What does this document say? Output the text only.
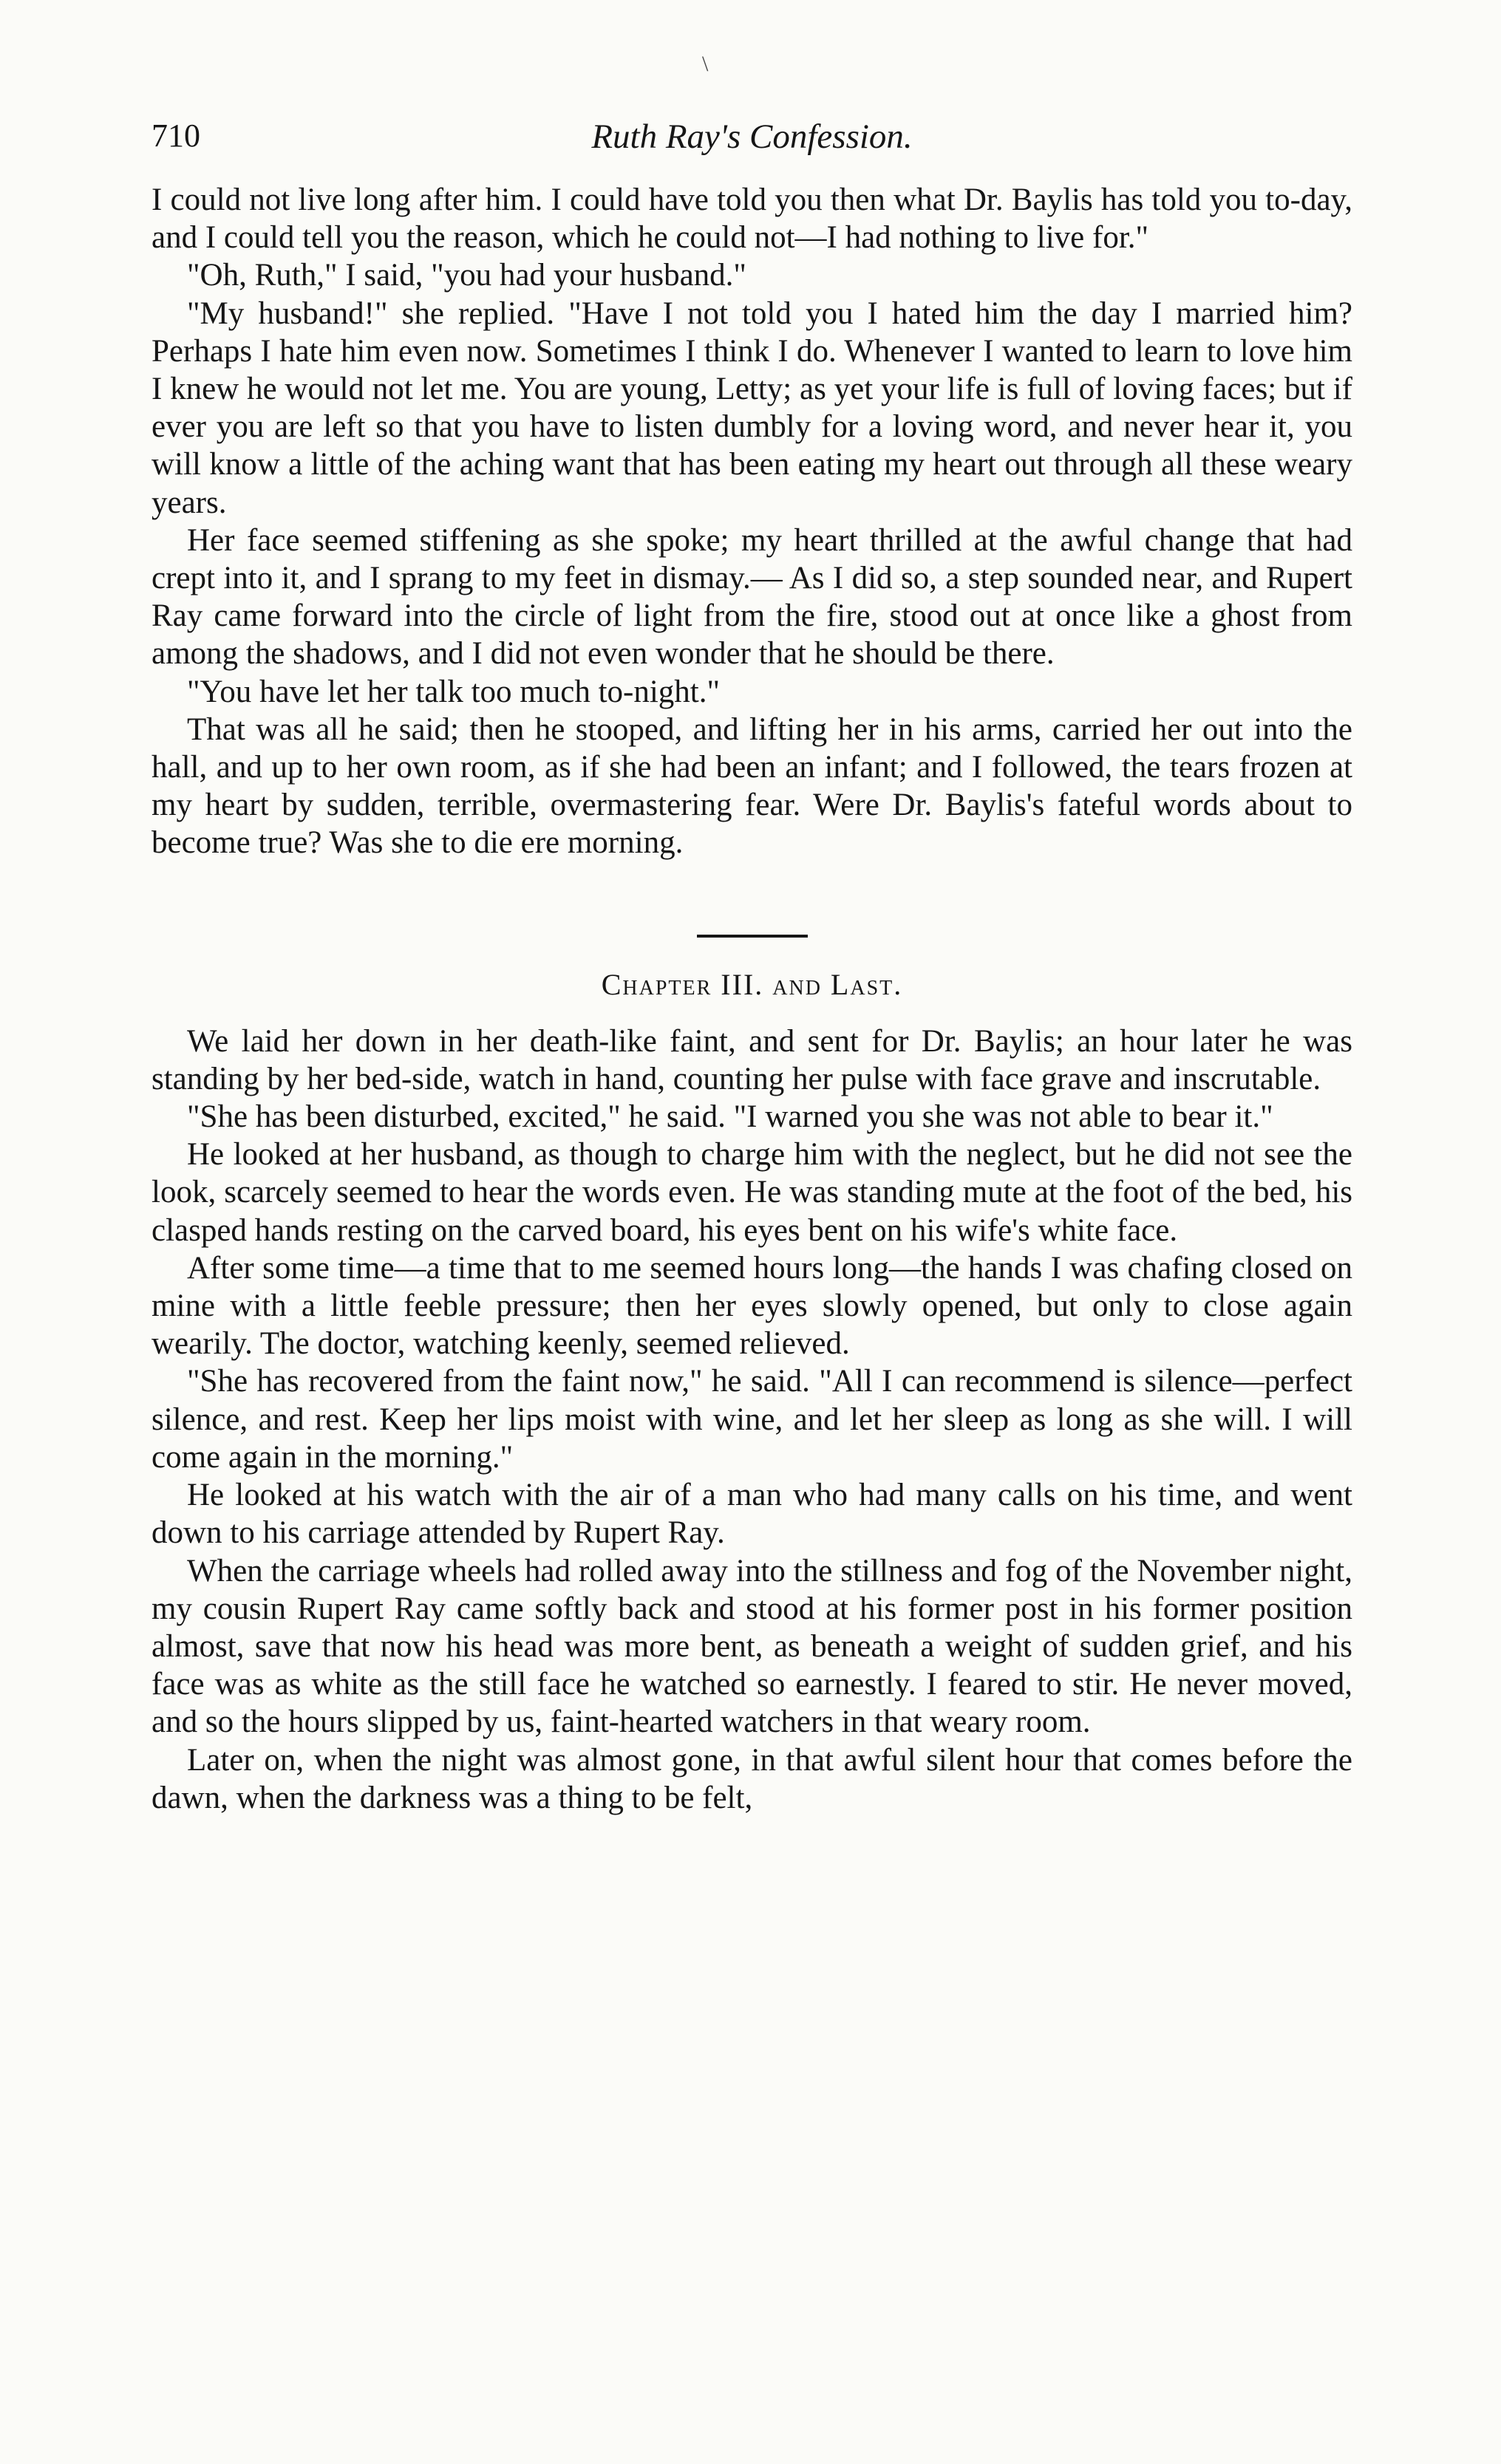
\
710	Ruth Ray's Confession.

I could not live long after him. I could have told you then what Dr. Baylis has told you to-day, and I could tell you the reason, which he could not—I had nothing to live for."

"Oh, Ruth," I said, "you had your husband."

"My husband!" she replied. "Have I not told you I hated him the day I married him? Perhaps I hate him even now. Sometimes I think I do. Whenever I wanted to learn to love him I knew he would not let me. You are young, Letty; as yet your life is full of loving faces; but if ever you are left so that you have to listen dumbly for a loving word, and never hear it, you will know a little of the aching want that has been eating my heart out through all these weary years.

Her face seemed stiffening as she spoke; my heart thrilled at the awful change that had crept into it, and I sprang to my feet in dismay.— As I did so, a step sounded near, and Rupert Ray came forward into the circle of light from the fire, stood out at once like a ghost from among the shadows, and I did not even wonder that he should be there.

"You have let her talk too much to-night."

That was all he said; then he stooped, and lifting her in his arms, carried her out into the hall, and up to her own room, as if she had been an infant; and I followed, the tears frozen at my heart by sudden, terrible, overmastering fear. Were Dr. Baylis's fateful words about to become true? Was she to die ere morning.

Chapter III. and Last.

We laid her down in her death-like faint, and sent for Dr. Baylis; an hour later he was standing by her bed-side, watch in hand, counting her pulse with face grave and inscrutable.

"She has been disturbed, excited," he said. "I warned you she was not able to bear it."

He looked at her husband, as though to charge him with the neglect, but he did not see the look, scarcely seemed to hear the words even. He was standing mute at the foot of the bed, his clasped hands resting on the carved board, his eyes bent on his wife's white face.

After some time—a time that to me seemed hours long—the hands I was chafing closed on mine with a little feeble pressure; then her eyes slowly opened, but only to close again wearily. The doctor, watching keenly, seemed relieved.

"She has recovered from the faint now," he said. "All I can recommend is silence—perfect silence, and rest. Keep her lips moist with wine, and let her sleep as long as she will. I will come again in the morning."

He looked at his watch with the air of a man who had many calls on his time, and went down to his carriage attended by Rupert Ray.

When the carriage wheels had rolled away into the stillness and fog of the November night, my cousin Rupert Ray came softly back and stood at his former post in his former position almost, save that now his head was more bent, as beneath a weight of sudden grief, and his face was as white as the still face he watched so earnestly. I feared to stir. He never moved, and so the hours slipped by us, faint-hearted watchers in that weary room.

Later on, when the night was almost gone, in that awful silent hour that comes before the dawn, when the darkness was a thing to be felt,
